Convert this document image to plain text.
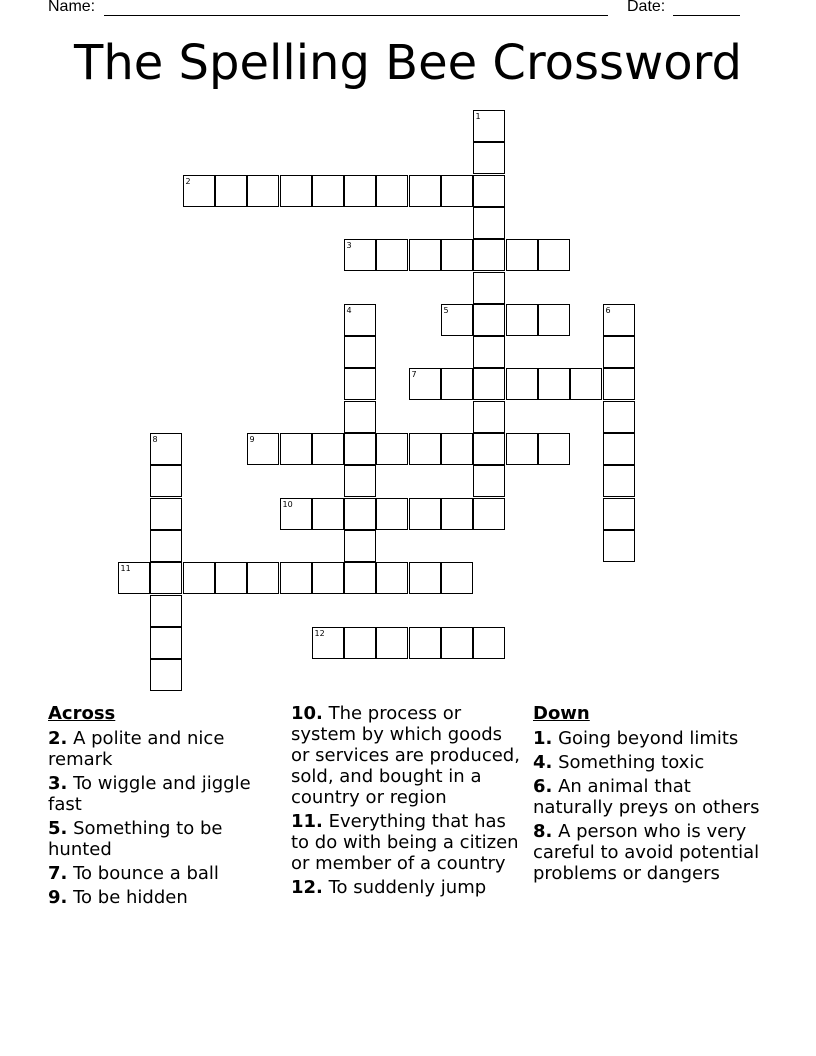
Name:	Date:
The Spelling Bee Crossword
1
2
3
4	5	6
7
8	9
10
11
12
Across
2. A polite and nice remark
3. To wiggle and jiggle fast
5. Something to be hunted
7. To bounce a ball
9. To be hidden
10. The process or system by which goods or services are produced, sold, and bought in a country or region
11. Everything that has to do with being a citizen or member of a country
12. To suddenly jump
Down
1. Going beyond limits
4. Something toxic
6. An animal that naturally preys on others
8. A person who is very careful to avoid potential problems or dangers
